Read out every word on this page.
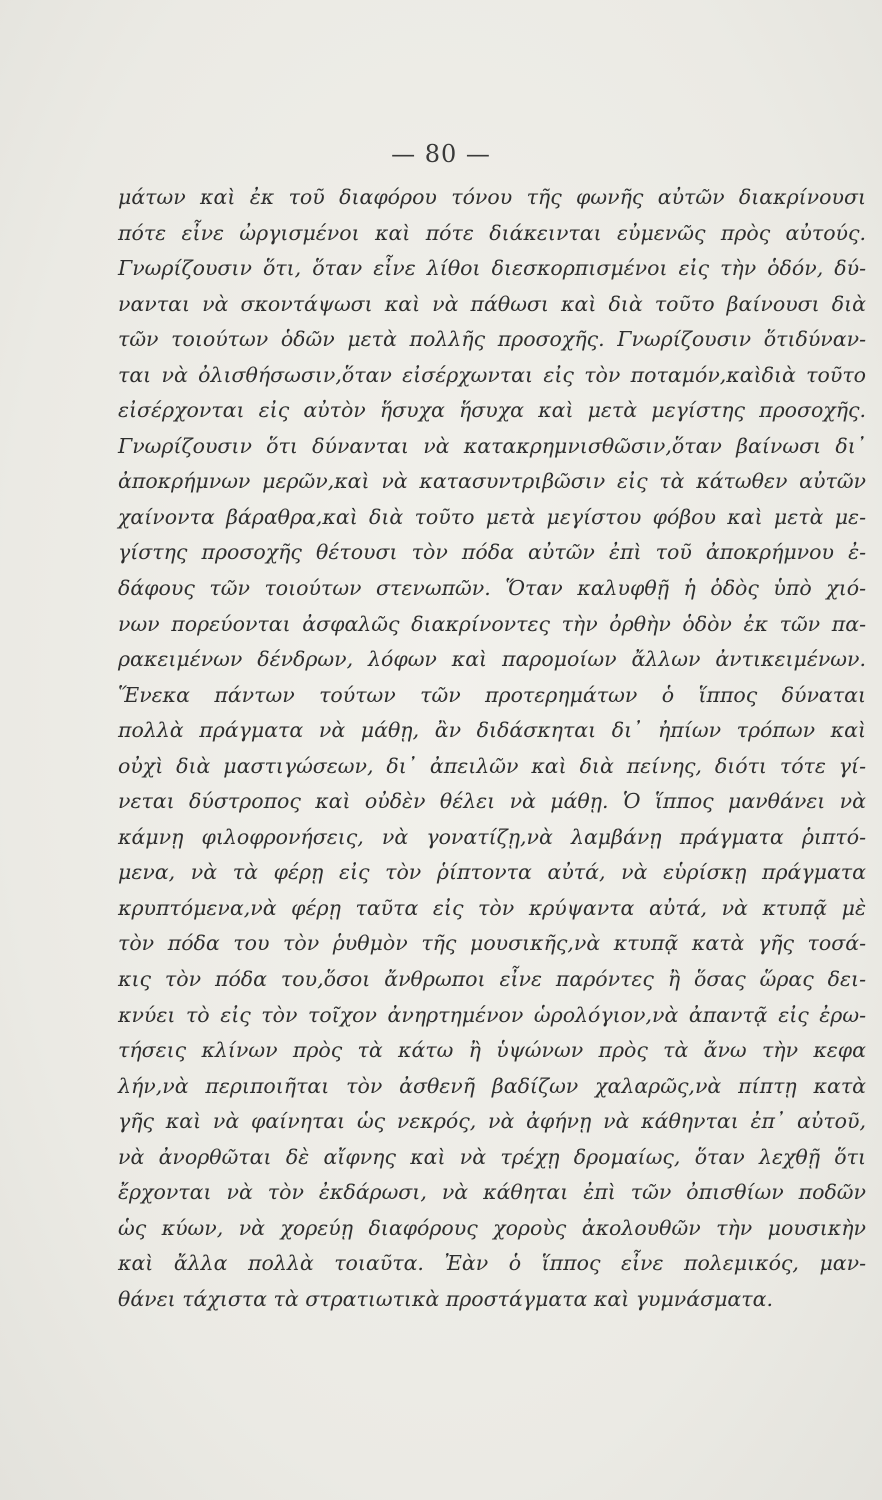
— 80 —
μάτων καὶ ἐκ τοῦ διαφόρου τόνου τῆς φωνῆς αὐτῶν διακρίνουσι
πότε εἶνε ὠργισμένοι καὶ πότε διάκεινται εὐμενῶς πρὸς αὐτούς.
Γνωρίζουσιν ὅτι, ὅταν εἶνε λίθοι διεσκορπισμένοι εἰς τὴν ὁδόν, δύ-
νανται νὰ σκοντάψωσι καὶ νὰ πάθωσι καὶ διὰ τοῦτο βαίνουσι διὰ
τῶν τοιούτων ὁδῶν μετὰ πολλῆς προσοχῆς. Γνωρίζουσιν ὅτιδύναν-
ται νὰ ὀλισθήσωσιν,ὅταν εἰσέρχωνται εἰς τὸν ποταμόν,καὶδιὰ τοῦτο
εἰσέρχονται εἰς αὐτὸν ἥσυχα ἥσυχα καὶ μετὰ μεγίστης προσοχῆς.
Γνωρίζουσιν ὅτι δύνανται νὰ κατακρημνισθῶσιν,ὅταν βαίνωσι δι᾽
ἀποκρήμνων μερῶν,καὶ νὰ κατασυντριβῶσιν εἰς τὰ κάτωθεν αὐτῶν
χαίνοντα βάραθρα,καὶ διὰ τοῦτο μετὰ μεγίστου φόβου καὶ μετὰ με-
γίστης προσοχῆς θέτουσι τὸν πόδα αὐτῶν ἐπὶ τοῦ ἀποκρήμνου ἐ-
δάφους τῶν τοιούτων στενωπῶν. Ὅταν καλυφθῇ ἡ ὁδὸς ὑπὸ χιό-
νων πορεύονται ἀσφαλῶς διακρίνοντες τὴν ὀρθὴν ὁδὸν ἐκ τῶν πα-
ρακειμένων δένδρων, λόφων καὶ παρομοίων ἄλλων ἀντικειμένων.
Ἕνεκα πάντων τούτων τῶν προτερημάτων ὁ ἵππος δύναται
πολλὰ πράγματα νὰ μάθῃ, ἂν διδάσκηται δι᾽ ἠπίων τρόπων καὶ
οὐχὶ διὰ μαστιγώσεων, δι᾽ ἀπειλῶν καὶ διὰ πείνης, διότι τότε γί-
νεται δύστροπος καὶ οὐδὲν θέλει νὰ μάθῃ. Ὁ ἵππος μανθάνει νὰ
κάμνῃ φιλοφρονήσεις, νὰ γονατίζῃ,νὰ λαμβάνῃ πράγματα ῥιπτό-
μενα, νὰ τὰ φέρῃ εἰς τὸν ῥίπτοντα αὐτά, νὰ εὑρίσκῃ πράγματα
κρυπτόμενα,νὰ φέρῃ ταῦτα εἰς τὸν κρύψαντα αὐτά, νὰ κτυπᾷ μὲ
τὸν πόδα του τὸν ῥυθμὸν τῆς μουσικῆς,νὰ κτυπᾷ κατὰ γῆς τοσά-
κις τὸν πόδα του,ὅσοι ἄνθρωποι εἶνε παρόντες ἢ ὅσας ὥρας δει-
κνύει τὸ εἰς τὸν τοῖχον ἀνηρτημένον ὡρολόγιον,νὰ ἀπαντᾷ εἰς ἐρω-
τήσεις κλίνων πρὸς τὰ κάτω ἢ ὑψώνων πρὸς τὰ ἄνω τὴν κεφα
λήν,νὰ περιποιῆται τὸν ἀσθενῆ βαδίζων χαλαρῶς,νὰ πίπτῃ κατὰ
γῆς καὶ νὰ φαίνηται ὡς νεκρός, νὰ ἀφήνῃ νὰ κάθηνται ἐπ᾽ αὐτοῦ,
νὰ ἀνορθῶται δὲ αἴφνης καὶ νὰ τρέχῃ δρομαίως, ὅταν λεχθῇ ὅτι
ἔρχονται νὰ τὸν ἐκδάρωσι, νὰ κάθηται ἐπὶ τῶν ὀπισθίων ποδῶν
ὡς κύων, νὰ χορεύῃ διαφόρους χοροὺς ἀκολουθῶν τὴν μουσικὴν
καὶ ἄλλα πολλὰ τοιαῦτα. Ἐὰν ὁ ἵππος εἶνε πολεμικός, μαν-
θάνει τάχιστα τὰ στρατιωτικὰ προστάγματα καὶ γυμνάσματα.
